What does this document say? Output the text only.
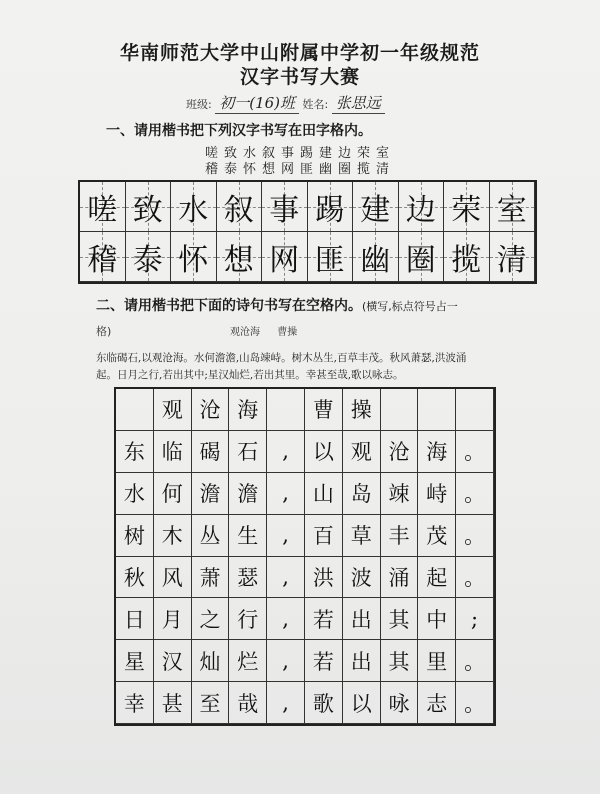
华南师范大学中山附属中学初一年级规范
汉字书写大赛
班级: 初一(16)班 姓名: 张思远
一、请用楷书把下列汉字书写在田字格内。
嗟致水叙事踢建边荣室
稽泰怀想网匪幽圈揽清
嗟 致 水 叙 事 踢 建 边 荣 室
稽 泰 怀 想 网 匪 幽 圈 揽 清
二、请用楷书把下面的诗句书写在空格内。(横写,标点符号占一
格)	观沧海 曹操
东临碣石,以观沧海。水何澹澹,山岛竦峙。树木丛生,百草丰茂。秋风萧瑟,洪波涌
起。日月之行,若出其中;星汉灿烂,若出其里。幸甚至哉,歌以咏志。
观 沧 海	曹 操
东 临 碣 石	,	以 观 沧 海 。
水 何 澹 澹	,	山 岛 竦 峙 。
树 木 丛 生	,	百 草 丰 茂 。
秋 风 萧 瑟	,	洪 波 涌 起 。
日 月 之 行	,	若 出 其 中	;
星 汉 灿 烂	,	若 出 其 里 。
幸 甚 至 哉	,	歌 以 咏 志 。
